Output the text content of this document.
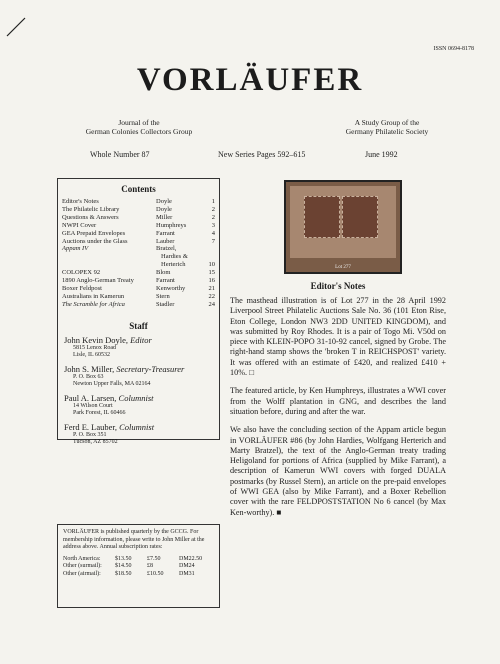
ISSN 0694-8178
VORLÄUFER
Journal of the
German Colonies Collectors Group
A Study Group of the
Germany Philatelic Society
Whole Number 87	New Series Pages 592–615	June 1992
Contents
Editor's Notes	Doyle	1
The Philatelic Library	Doyle	2
Questions & Answers	Miller	2
NWPI Cover	Humphreys	3
GEA Prepaid Envelopes	Farrant	4
Auctions under the Glass	Lauber	7
Appam IV	Bratzel,
Hardies &
Herterich	10
COLOPEX 92	Blom	15
1890 Anglo-German Treaty	Farrant	16
Boxer Feldpost	Kenworthy	21
Australians in Kamerun	Stern	22
The Scramble for Africa	Stadler	24
Staff
John Kevin Doyle, Editor
5815 Lenox Road
Lisle, IL 60532
John S. Miller, Secretary-Treasurer
P. O. Box 63
Newton Upper Falls, MA 02164
Paul A. Larsen, Columnist
14 Wilson Court
Park Forest, IL 60466
Ferd E. Lauber, Columnist
P. O. Box 351
Tucson, AZ 85702
VORLÄUFER is published quarterly by the GCCG. For membership information, please write to John Miller at the address above. Annual subscription rates:
North America:	$13.50	£7.50	DM22.50
Other (surmail):	$14.50	£8	DM24
Other (airmail):	$18.50	£10.50	DM31
Lot 277
Editor's Notes

The masthead illustration is of Lot 277 in the 28 April 1992 Liverpool Street Philatelic Auctions Sale No. 36 (101 Eton Rise, Eton College, London NW3 2DD UNITED KINGDOM), and was submitted by Roy Rhodes. It is a pair of Togo Mi. V50d on piece with KLEIN-POPO 31-10-92 cancel, signed by Grobe. The right-hand stamp shows the 'broken T in REICHSPOST' variety. It was offered with an estimate of £420, and realized £410 + 10%. □

The featured article, by Ken Humphreys, illustrates a WWI cover from the Wolff plantation in GNG, and describes the land situation before, during and after the war.

We also have the concluding section of the Appam article begun in VORLÄUFER #86 (by John Hardies, Wolfgang Herterich and Marty Bratzel), the text of the Anglo-German treaty trading Heligoland for portions of Africa (supplied by Mike Farrant), a description of Kamerun WWI covers with forged DUALA postmarks (by Russel Stern), an article on the pre-paid envelopes of WWI GEA (also by Mike Farrant), and a Boxer Rebellion cover with the rare FELDPOSTSTATION No 6 cancel (by Max Ken-worthy). ■
